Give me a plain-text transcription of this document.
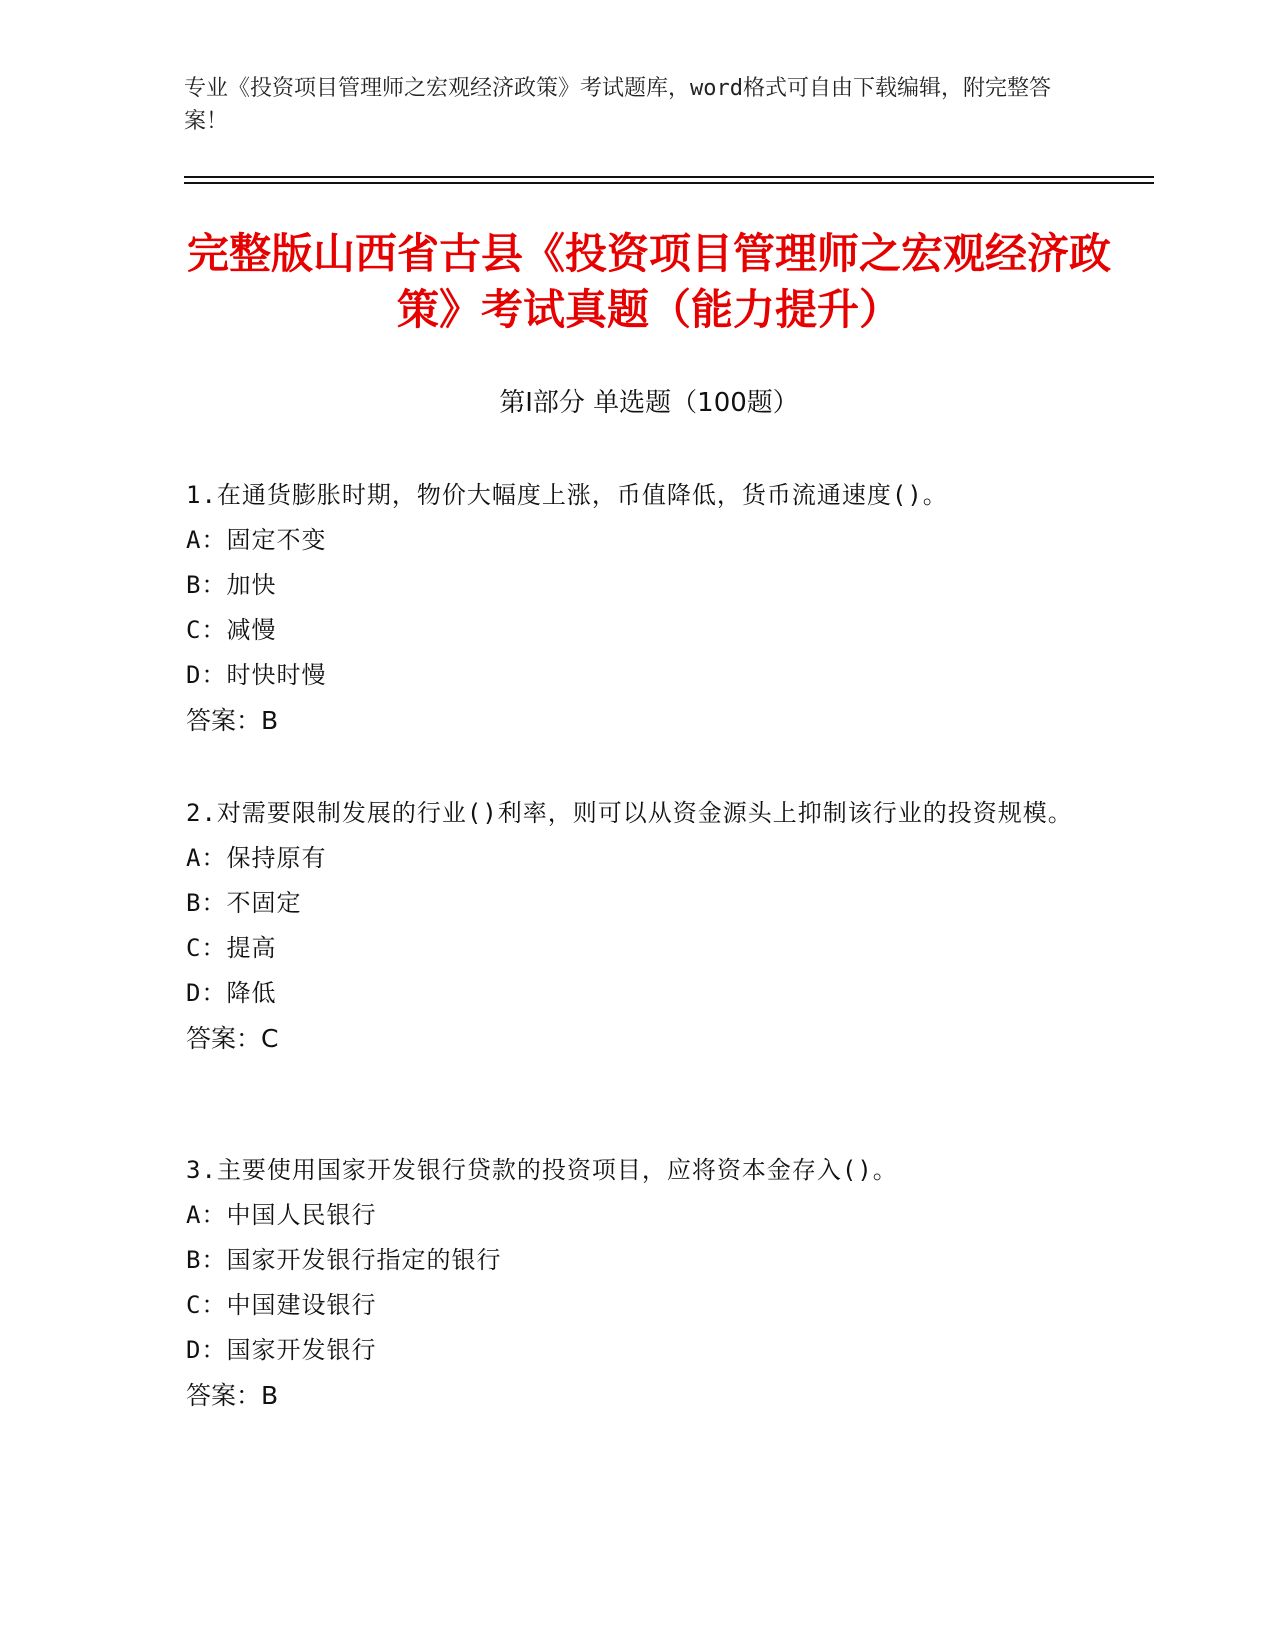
专业《投资项目管理师之宏观经济政策》考试题库，word格式可自由下载编辑，附完整答案！
完整版山西省古县《投资项目管理师之宏观经济政策》考试真题（能力提升）
第Ⅰ部分 单选题（100题）
1.在通货膨胀时期，物价大幅度上涨，币值降低，货币流通速度()。
A：固定不变
B：加快
C：减慢
D：时快时慢
答案：B
2.对需要限制发展的行业()利率，则可以从资金源头上抑制该行业的投资规模。
A：保持原有
B：不固定
C：提高
D：降低
答案：C
3.主要使用国家开发银行贷款的投资项目，应将资本金存入()。
A：中国人民银行
B：国家开发银行指定的银行
C：中国建设银行
D：国家开发银行
答案：B
